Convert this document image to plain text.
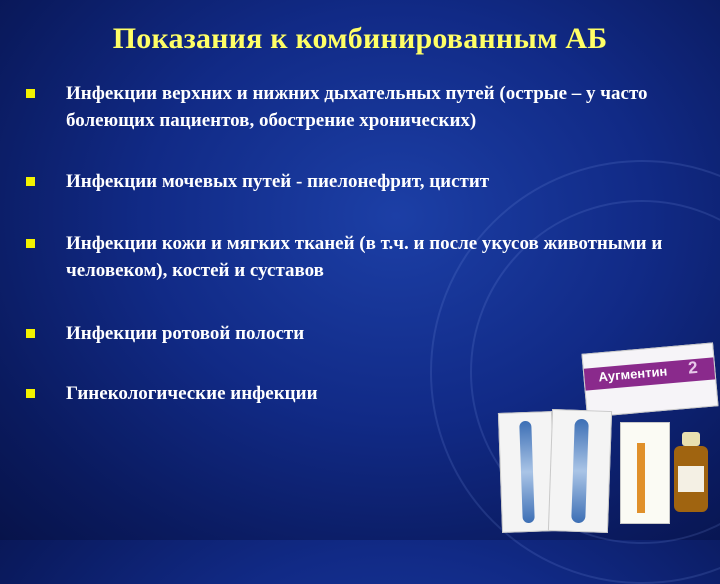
Показания к комбинированным АБ
Инфекции верхних и нижних дыхательных путей (острые – у часто болеющих пациентов, обострение хронических)
Инфекции мочевых путей - пиелонефрит, цистит
Инфекции кожи и мягких тканей (в т.ч. и после укусов животными и человеком), костей и суставов
Инфекции ротовой полости
Гинекологические инфекции
Аугментин 2
